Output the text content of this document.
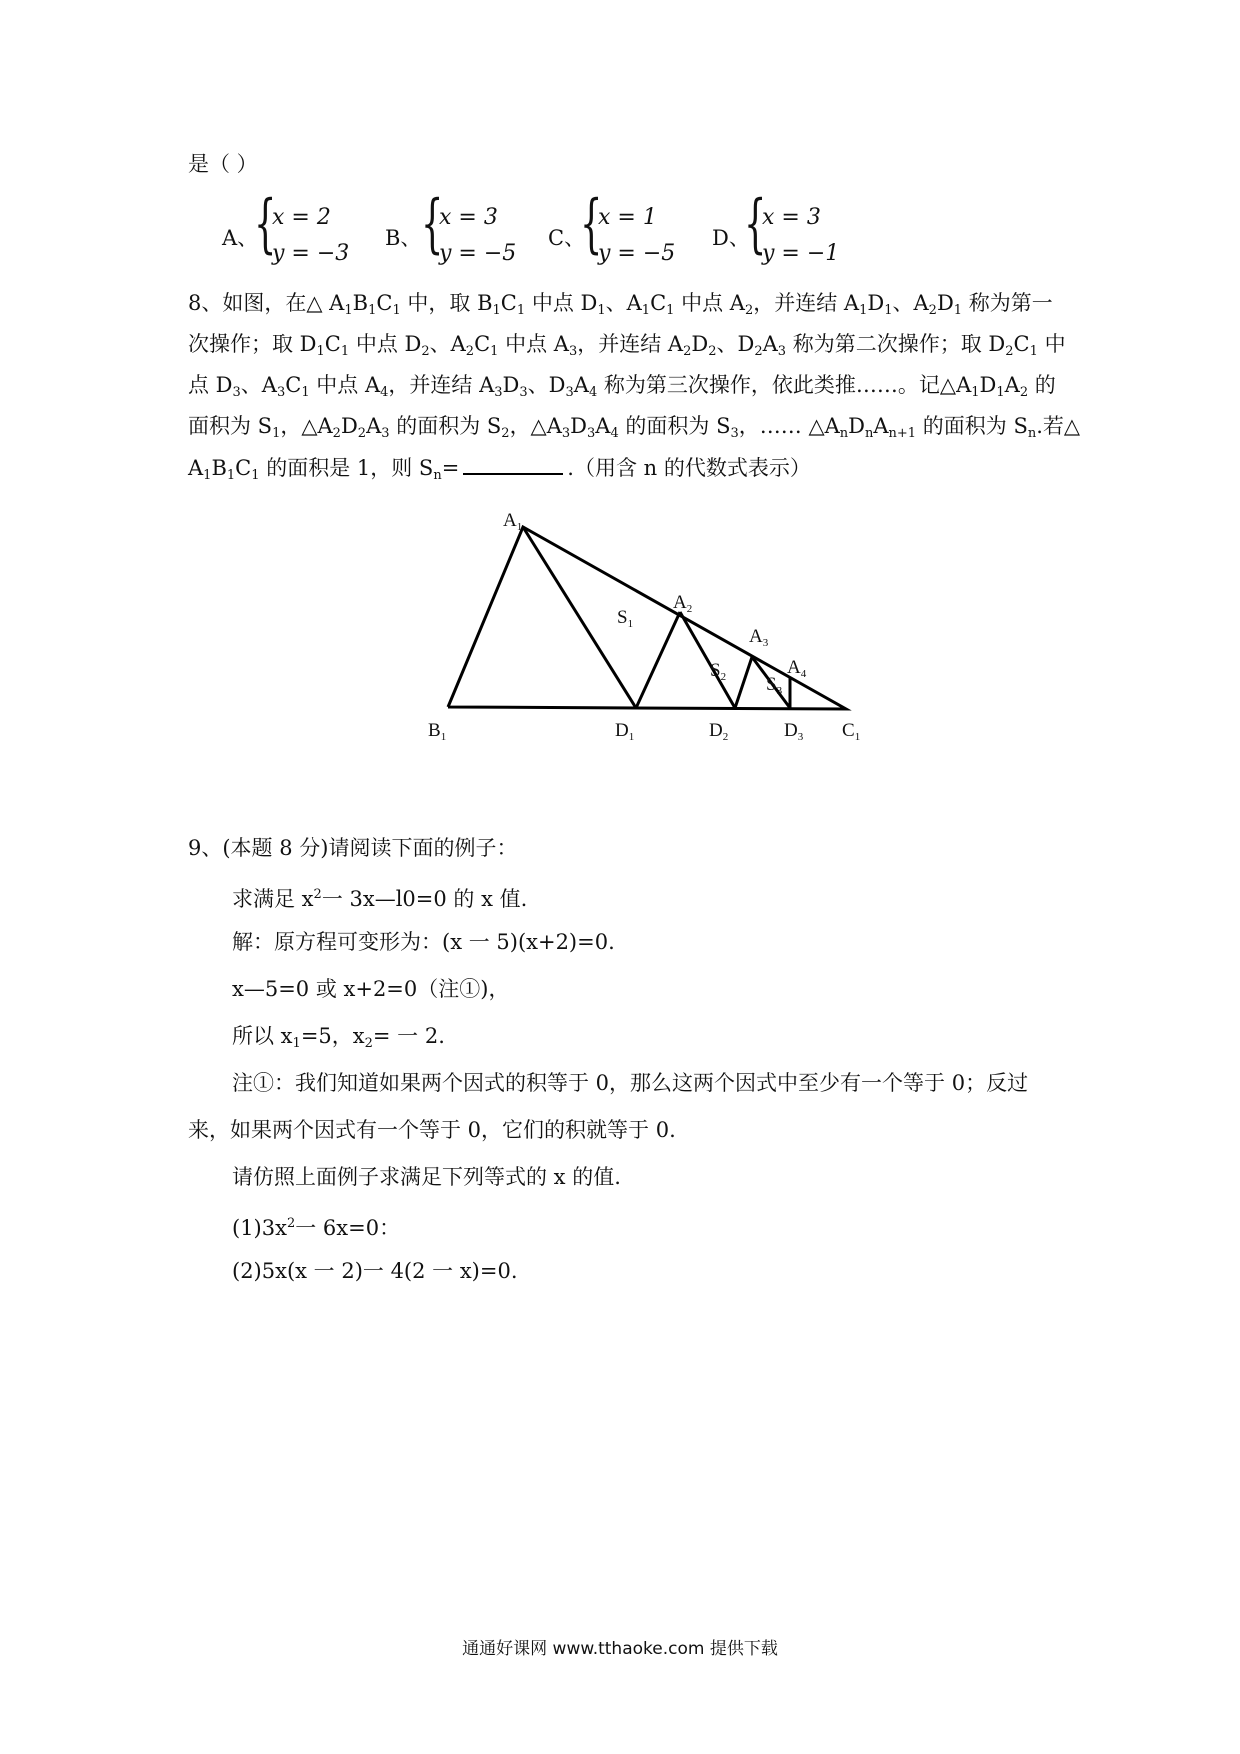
是（ ）
A、
{
x = 2
y = −3
B、 {
x = 3
y = −5
C、
{
x = 1
y = −5
D、
{
x = 3
y = −1
8、如图，在△ $A_1B_1C_1$ 中，取 $B_1C_1$ 中点 $D_1$、$A_1C_1$ 中点 $A_2$，并连结 $A_1D_1$、$A_2D_1$ 称为第一
次操作；取 $D_1C_1$ 中点 $D_2$、$A_2C_1$ 中点 $A_3$，并连结 $A_2D_2$、$D_2A_3$ 称为第二次操作；取 $D_2C_1$ 中
点 $D_3$、$A_3C_1$ 中点 $A_4$，并连结 $A_3D_3$、$D_3A_4$ 称为第三次操作，依此类推……。记$\triangle A_1D_1A_2$ 的
面积为 $S_1$，$\triangle A_2D_2A_3$ 的面积为 $S_2$，$\triangle A_3D_3A_4$ 的面积为 $S_3$，…… $\triangle A_nD_nA_{n+1}$ 的面积为 $S_n$.若△
$A_1B_1C_1$ 的面积是 1，则 $S_n=$	.（用含 n 的代数式表示）
$A_1$
$A_2$
$A_3$
$A_4$
$B_1$	$D_1$	$D_2$	$D_3$ $C_1$
$S_1$
$S_2$ $S_3$
9、(本题 8 分)请阅读下面的例子：
求满足 $x^2$一 3x—l0=0 的 x 值.
解：原方程可变形为：(x 一 5)(x+2)=0.
x—5=0 或 x+2=0（注①)，
所以 $x_1=5$，$x_2=$ 一 2.
注①：我们知道如果两个因式的积等于 0，那么这两个因式中至少有一个等于 0；反过
来，如果两个因式有一个等于 0，它们的积就等于 0.
请仿照上面例子求满足下列等式的 x 的值.
$(1)3x^2$一 6x=0：
(2)5x(x 一 2)一 4(2 一 x)=0.
通通好课网 www.tthaoke.com 提供下载
